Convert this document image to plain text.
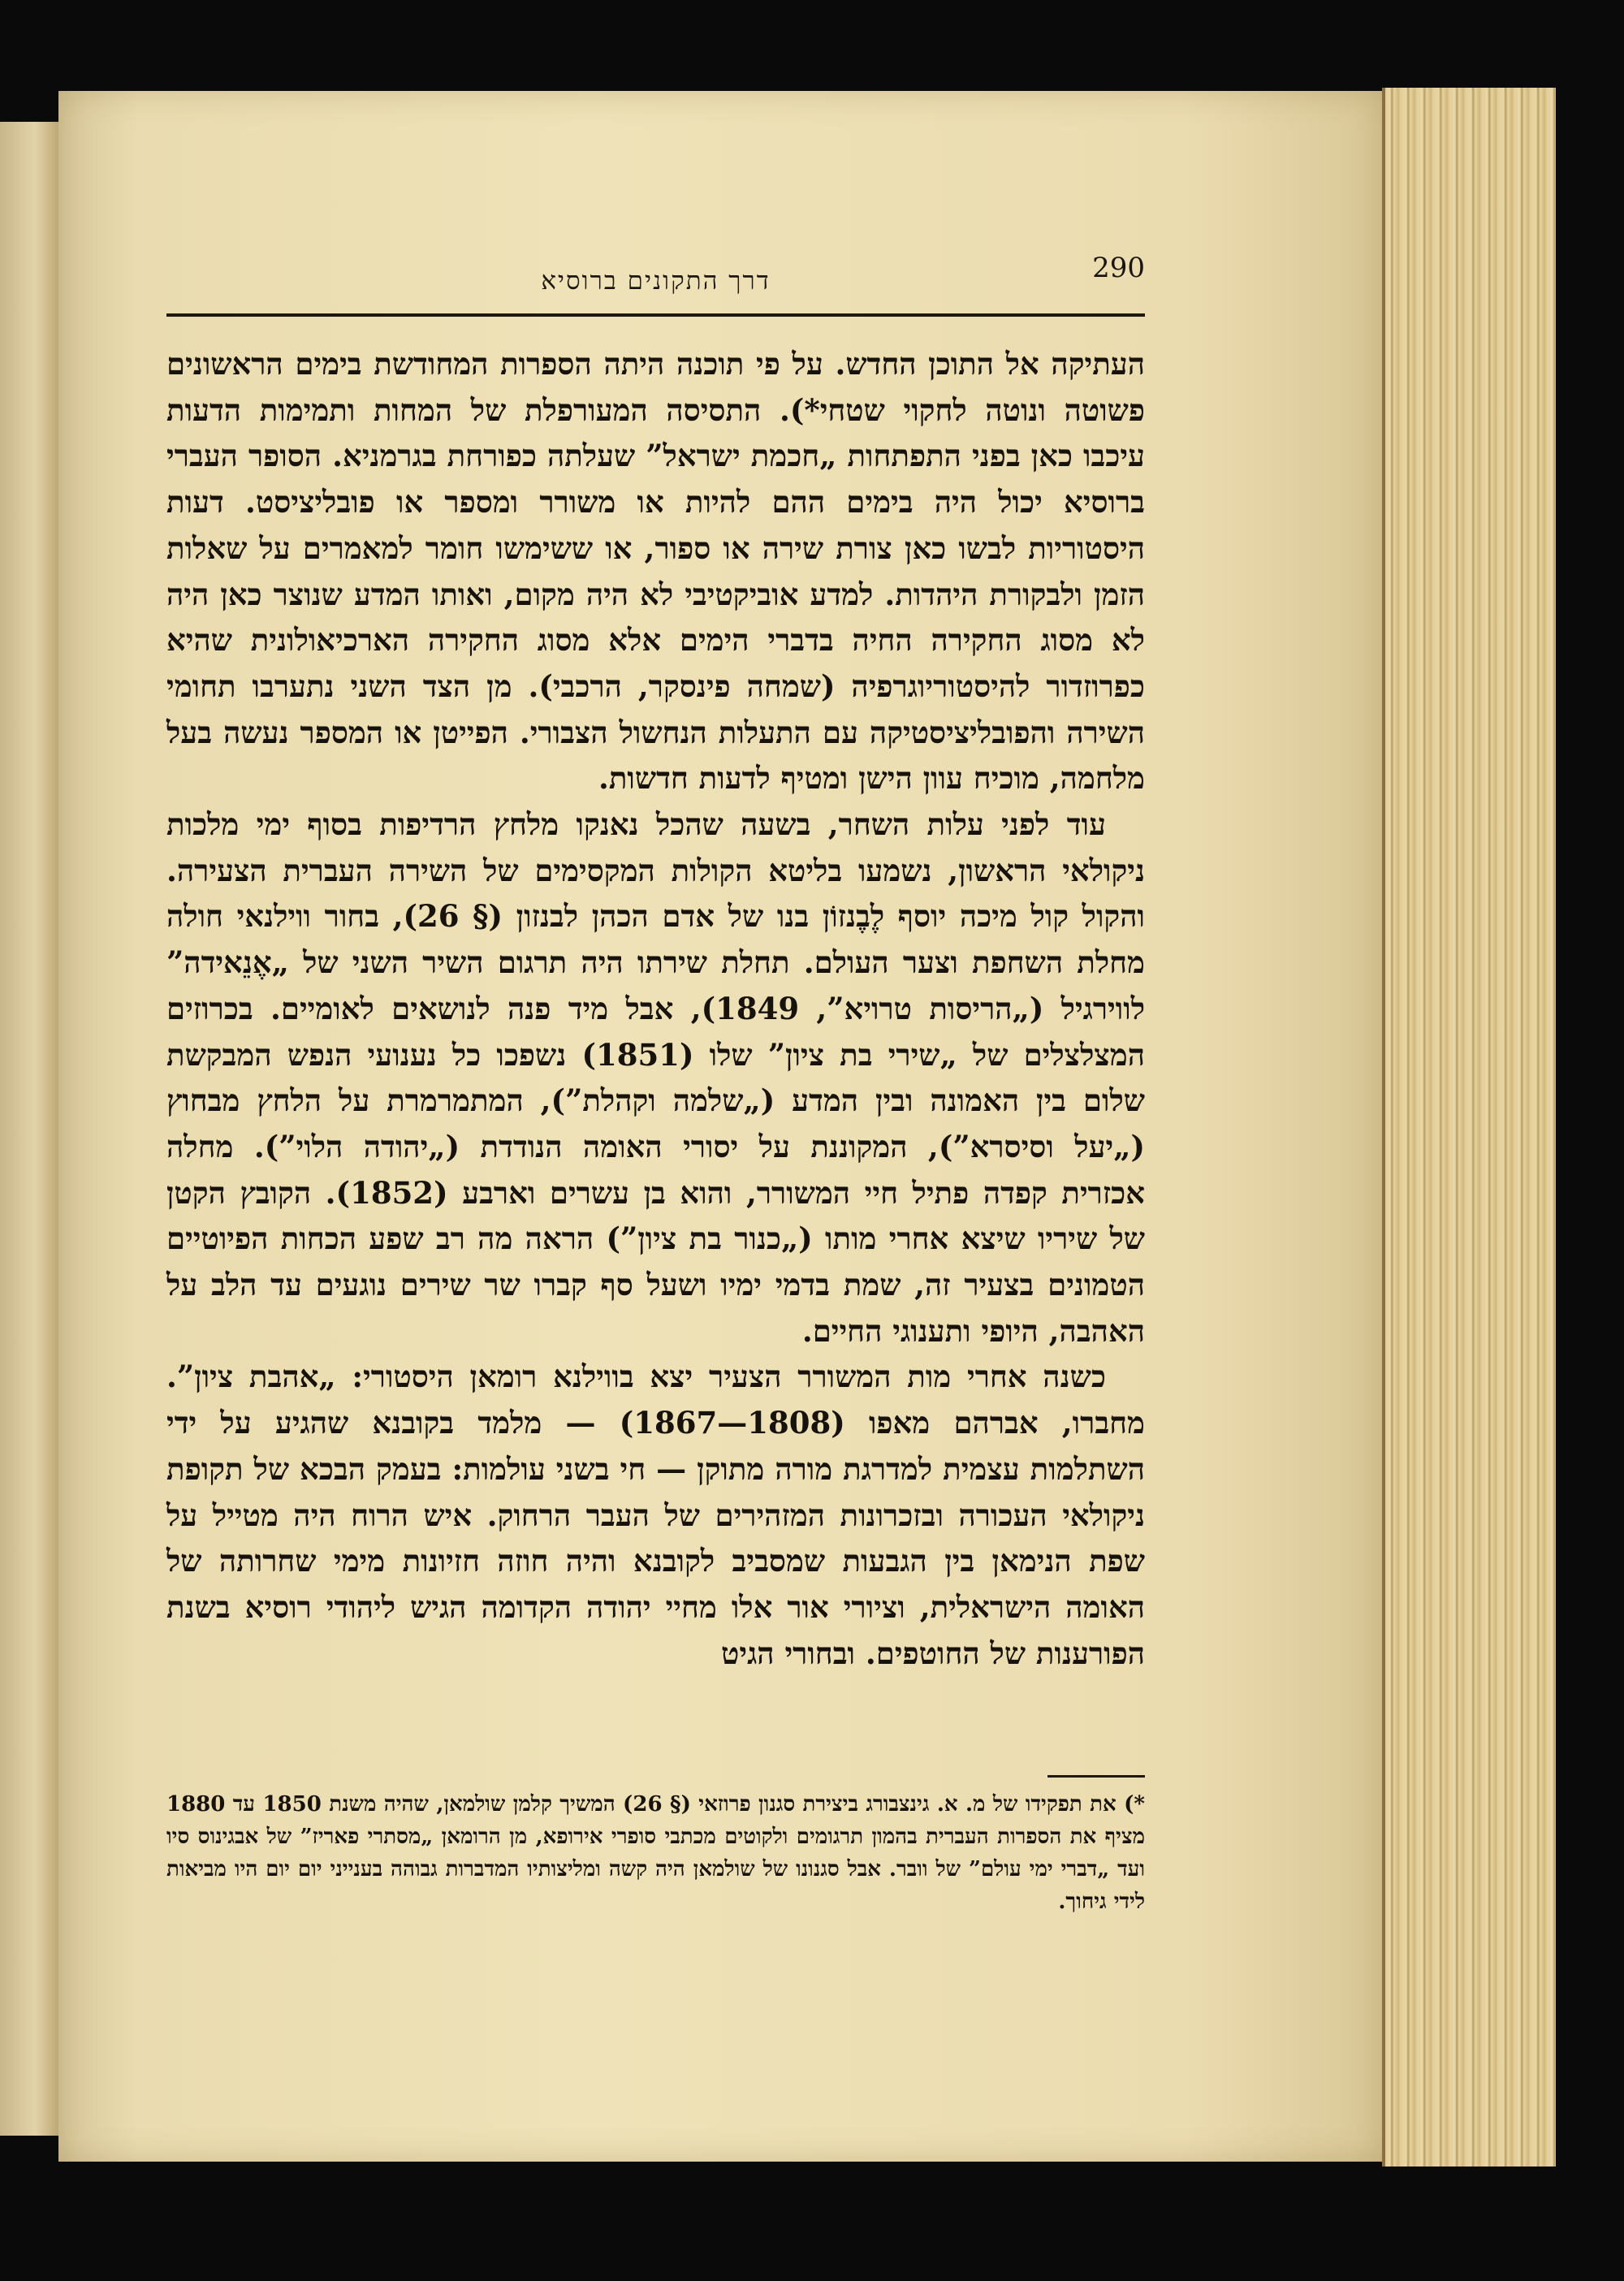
דרך התקונים ברוסיא	290

העתיקה אל התוכן החדש. על פי תוכנה היתה הספרות המחודשת בימים הראשונים פשוטה ונוטה לחקוי שטחי*). התסיסה המעורפלת של המחות ותמימות הדעות עיכבו כאן בפני התפתחות „חכמת ישראל” שעלתה כפורחת בגרמניא. הסופר העברי ברוסיא יכול היה בימים ההם להיות או משורר ומספר או פובליציסט. דעות היסטוריות לבשו כאן צורת שירה או ספור, או ששימשו חומר למאמרים על שאלות הזמן ולבקורת היהדות. למדע אוביקטיבי לא היה מקום, ואותו המדע שנוצר כאן היה לא מסוג החקירה החיה בדברי הימים אלא מסוג החקירה הארכיאולונית שהיא כפרוזדור להיסטוריוגרפיה (שמחה פינסקר, הרכבי). מן הצד השני נתערבו תחומי השירה והפובליציסטיקה עם התעלות הנחשול הצבורי. הפייטן או המספר נעשה בעל מלחמה, מוכיח עוון הישן ומטיף לדעות חדשות.

עוד לפני עלות השחר, בשעה שהכל נאנקו מלחץ הרדיפות בסוף ימי מלכות ניקולאי הראשון, נשמעו בליטא הקולות המקסימים של השירה העברית הצעירה. והקול קול מיכה יוסף לֶבֶנזוֹן בנו של אדם הכהן לבנזון (§ 26), בחור ווילנאי חולה מחלת השחפת וצער העולם. תחלת שירתו היה תרגום השיר השני של „אֶנֵאידה” לווירגיל („הריסות טרויא”, 1849), אבל מיד פנה לנושאים לאומיים. בכרוזים המצלצלים של „שירי בת ציון” שלו (1851) נשפכו כל נענועי הנפש המבקשת שלום בין האמונה ובין המדע („שלמה וקהלת”), המתמרמרת על הלחץ מבחוץ („יעל וסיסרא”), המקוננת על יסורי האומה הנודדת („יהודה הלוי”). מחלה אכזרית קפדה פתיל חיי המשורר, והוא בן עשרים וארבע (1852). הקובץ הקטן של שיריו שיצא אחרי מותו („כנור בת ציון”) הראה מה רב שפע הכחות הפיוטיים הטמונים בצעיר זה, שמת בדמי ימיו ושעל סף קברו שר שירים נוגעים עד הלב על האהבה, היופי ותענוגי החיים.

כשנה אחרי מות המשורר הצעיר יצא בווילנא רומאן היסטורי: „אהבת ציון”. מחברו, אברהם מאפו (1808—1867) — מלמד בקובנא שהגיע על ידי השתלמות עצמית למדרגת מורה מתוקן — חי בשני עולמות: בעמק הבכא של תקופת ניקולאי העכורה ובזכרונות המזהירים של העבר הרחוק. איש הרוח היה מטייל על שפת הנימאן בין הגבעות שמסביב לקובנא והיה חוזה חזיונות מימי שחרותה של האומה הישראלית, וציורי אור אלו מחיי יהודה הקדומה הגיש ליהודי רוסיא בשנת הפורענות של החוטפים. ובחורי הגיט

*) את תפקידו של מ. א. גינצבורג ביצירת סגנון פרוזאי (§ 26) המשיך קלמן שולמאן, שהיה משנת 1850 עד 1880 מציף את הספרות העברית בהמון תרגומים ולקוטים מכתבי סופרי אירופא, מן הרומאן „מסתרי פאריז” של אבגינוס סיו ועד „דברי ימי עולם” של וובר. אבל סגנונו של שולמאן היה קשה ומליצותיו המדברות גבוהה בענייני יום יום היו מביאות לידי גיחוך.
